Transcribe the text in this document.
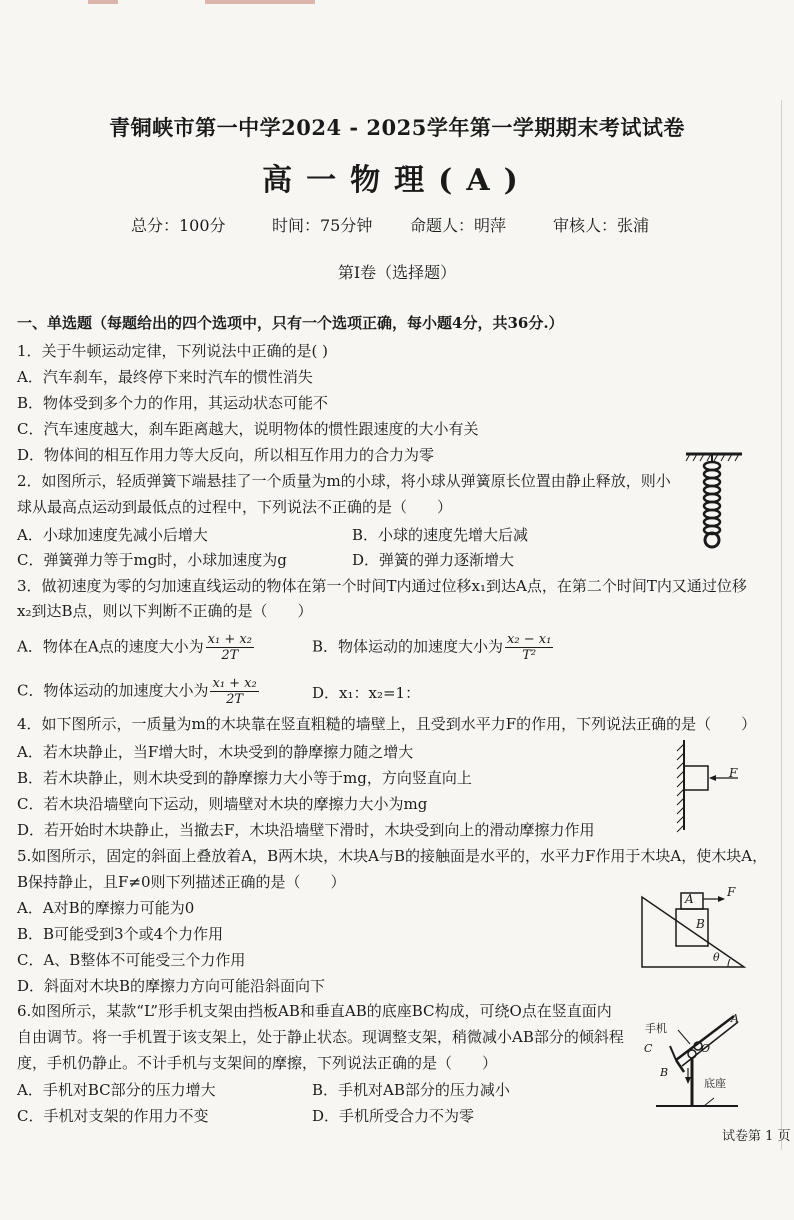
青铜峡市第一中学2024 - 2025学年第一学期期末考试试卷
高一物理(A)
总分：100分	时间：75分钟 命题人：明萍	审核人：张浦
第Ⅰ卷（选择题）
一、单选题（每题给出的四个选项中，只有一个选项正确，每小题4分，共36分.）
1．关于牛顿运动定律，下列说法中正确的是( )
A．汽车刹车，最终停下来时汽车的惯性消失
B．物体受到多个力的作用，其运动状态可能不
C．汽车速度越大，刹车距离越大，说明物体的惯性跟速度的大小有关
D．物体间的相互作用力等大反向，所以相互作用力的合力为零
2．如图所示，轻质弹簧下端悬挂了一个质量为m的小球，将小球从弹簧原长位置由静止释放，则小
球从最高点运动到最低点的过程中，下列说法不正确的是（　　）
A．小球加速度先减小后增大	B．小球的速度先增大后减
C．弹簧弹力等于mg时，小球加速度为g	D．弹簧的弹力逐渐增大
3．做初速度为零的匀加速直线运动的物体在第一个时间T内通过位移x₁到达A点，在第二个时间T内又通过位移
x₂到达B点，则以下判断不正确的是（　　）
A．物体在A点的速度大小为 $\frac{\text{x₁ + x₂}}{2T}$	B．物体运动的加速度大小为 $\frac{\text{x₂ − x₁}}{\text{T²}}$
C．物体运动的加速度大小为 $\frac{\text{x₁ + x₂}}{2T}$	D．x₁：x₂=1：
4．如下图所示，一质量为m的木块靠在竖直粗糙的墙壁上，且受到水平力F的作用，下列说法正确的是（　　）
A．若木块静止，当F增大时，木块受到的静摩擦力随之增大
B．若木块静止，则木块受到的静摩擦力大小等于mg，方向竖直向上
C．若木块沿墙壁向下运动，则墙壁对木块的摩擦力大小为mg
D．若开始时木块静止，当撤去F，木块沿墙壁下滑时，木块受到向上的滑动摩擦力作用
F
5.如图所示，固定的斜面上叠放着A，B两木块，木块A与B的接触面是水平的，水平力F作用于木块A，使木块A，
B保持静止，且F≠0则下列描述正确的是（　　）
A．A对B的摩擦力可能为0
B．B可能受到3个或4个力作用
C．A、B整体不可能受三个力作用
D．斜面对木块B的摩擦力方向可能沿斜面向下
A
B
F
θ
6.如图所示，某款“L”形手机支架由挡板AB和垂直AB的底座BC构成，可绕O点在竖直面内
自由调节。将一手机置于该支架上，处于静止状态。现调整支架，稍微减小AB部分的倾斜程
度，手机仍静止。不计手机与支架间的摩擦，下列说法正确的是（　　）
A．手机对BC部分的压力增大	B．手机对AB部分的压力减小
C．手机对支架的作用力不变	D．手机所受合力不为零
手机
底座
A
B
C	O
试卷第 1 页
